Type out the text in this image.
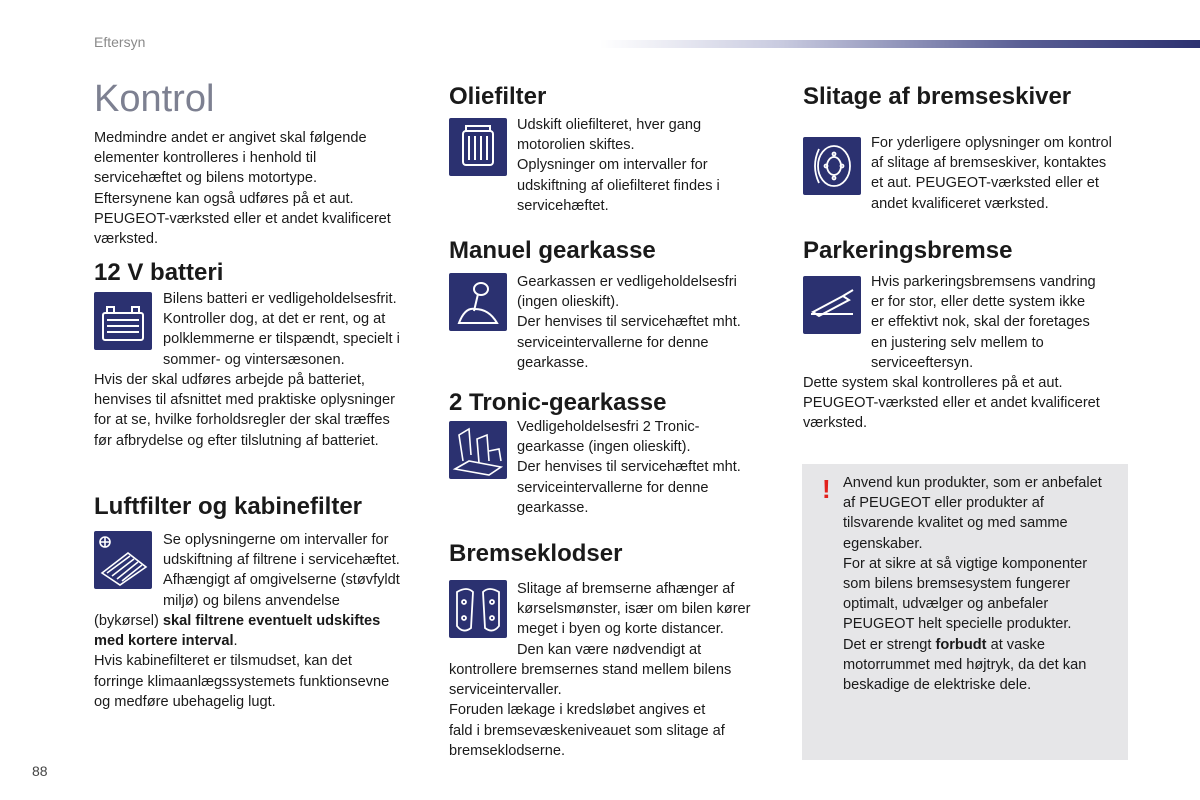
Eftersyn
Kontrol

Medmindre andet er angivet skal følgende

elementer kontrolleres i henhold til

servicehæftet og bilens motortype.

Eftersynene kan også udføres på et aut.

PEUGEOT-værksted eller et andet kvalificeret

værksted.

12 V batteri

Bilens batteri er vedligeholdelsesfrit.

Kontroller dog, at det er rent, og at

polklemmerne er tilspændt, specielt i

sommer- og vintersæsonen.

Hvis der skal udføres arbejde på batteriet,

henvises til afsnittet med praktiske oplysninger

for at se, hvilke forholdsregler der skal træffes

før afbrydelse og efter tilslutning af batteriet.

Luftfilter og kabinefilter

Se oplysningerne om intervaller for

udskiftning af filtrene i servicehæftet.

Afhængigt af omgivelserne (støvfyldt

miljø) og bilens anvendelse

(bykørsel) skal filtrene eventuelt udskiftes

med kortere interval.

Hvis kabinefilteret er tilsmudset, kan det

forringe klimaanlægssystemets funktionsevne

og medføre ubehagelig lugt.

Oliefilter

Udskift oliefilteret, hver gang

motorolien skiftes.

Oplysninger om intervaller for

udskiftning af oliefilteret findes i

servicehæftet.

Manuel gearkasse

Gearkassen er vedligeholdelsesfri

(ingen olieskift).

Der henvises til servicehæftet mht.

serviceintervallerne for denne

gearkasse.

2 Tronic-gearkasse

Vedligeholdelsesfri 2 Tronic-

gearkasse (ingen olieskift).

Der henvises til servicehæftet mht.

serviceintervallerne for denne

gearkasse.

Bremseklodser

Slitage af bremserne afhænger af

kørselsmønster, især om bilen kører

meget i byen og korte distancer.

Den kan være nødvendigt at

kontrollere bremsernes stand mellem bilens

serviceintervaller.

Foruden lækage i kredsløbet angives et

fald i bremsevæskeniveauet som slitage af

bremseklodserne.

Slitage af bremseskiver

For yderligere oplysninger om kontrol

af slitage af bremseskiver, kontaktes

et aut. PEUGEOT-værksted eller et

andet kvalificeret værksted.

Parkeringsbremse

Hvis parkeringsbremsens vandring

er for stor, eller dette system ikke

er effektivt nok, skal der foretages

en justering selv mellem to

serviceeftersyn.

Dette system skal kontrolleres på et aut.

PEUGEOT-værksted eller et andet kvalificeret

værksted.

! Anvend kun produkter, som er anbefalet

af PEUGEOT eller produkter af

tilsvarende kvalitet og med samme

egenskaber.

For at sikre at så vigtige komponenter

som bilens bremsesystem fungerer

optimalt, udvælger og anbefaler

PEUGEOT helt specielle produkter.

Det er strengt forbudt at vaske

motorrummet med højtryk, da det kan

beskadige de elektriske dele.

88
